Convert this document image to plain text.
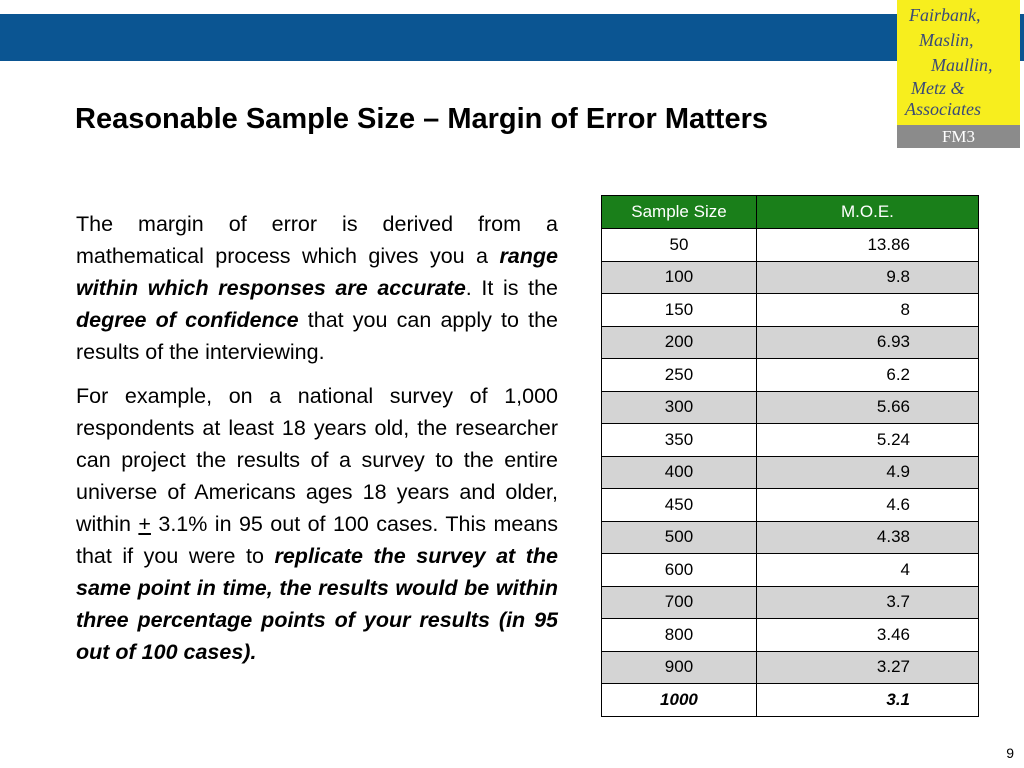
Fairbank,
Maslin,
Maullin,
Metz &
Associates
FM3
Reasonable Sample Size – Margin of Error Matters

The margin of error is derived from a mathematical process which gives you a range within which responses are accurate. It is the degree of confidence that you can apply to the results of the interviewing.

For example, on a national survey of 1,000 respondents at least 18 years old, the researcher can project the results of a survey to the entire universe of Americans ages 18 years and older, within + 3.1% in 95 out of 100 cases. This means that if you were to replicate the survey at the same point in time, the results would be within three percentage points of your results (in 95 out of 100 cases).

Sample Size	M.O.E.
50	13.86
100	9.8
150	8
200	6.93
250	6.2
300	5.66
350	5.24
400	4.9
450	4.6
500	4.38
600	4
700	3.7
800	3.46
900	3.27
1000	3.1
9
